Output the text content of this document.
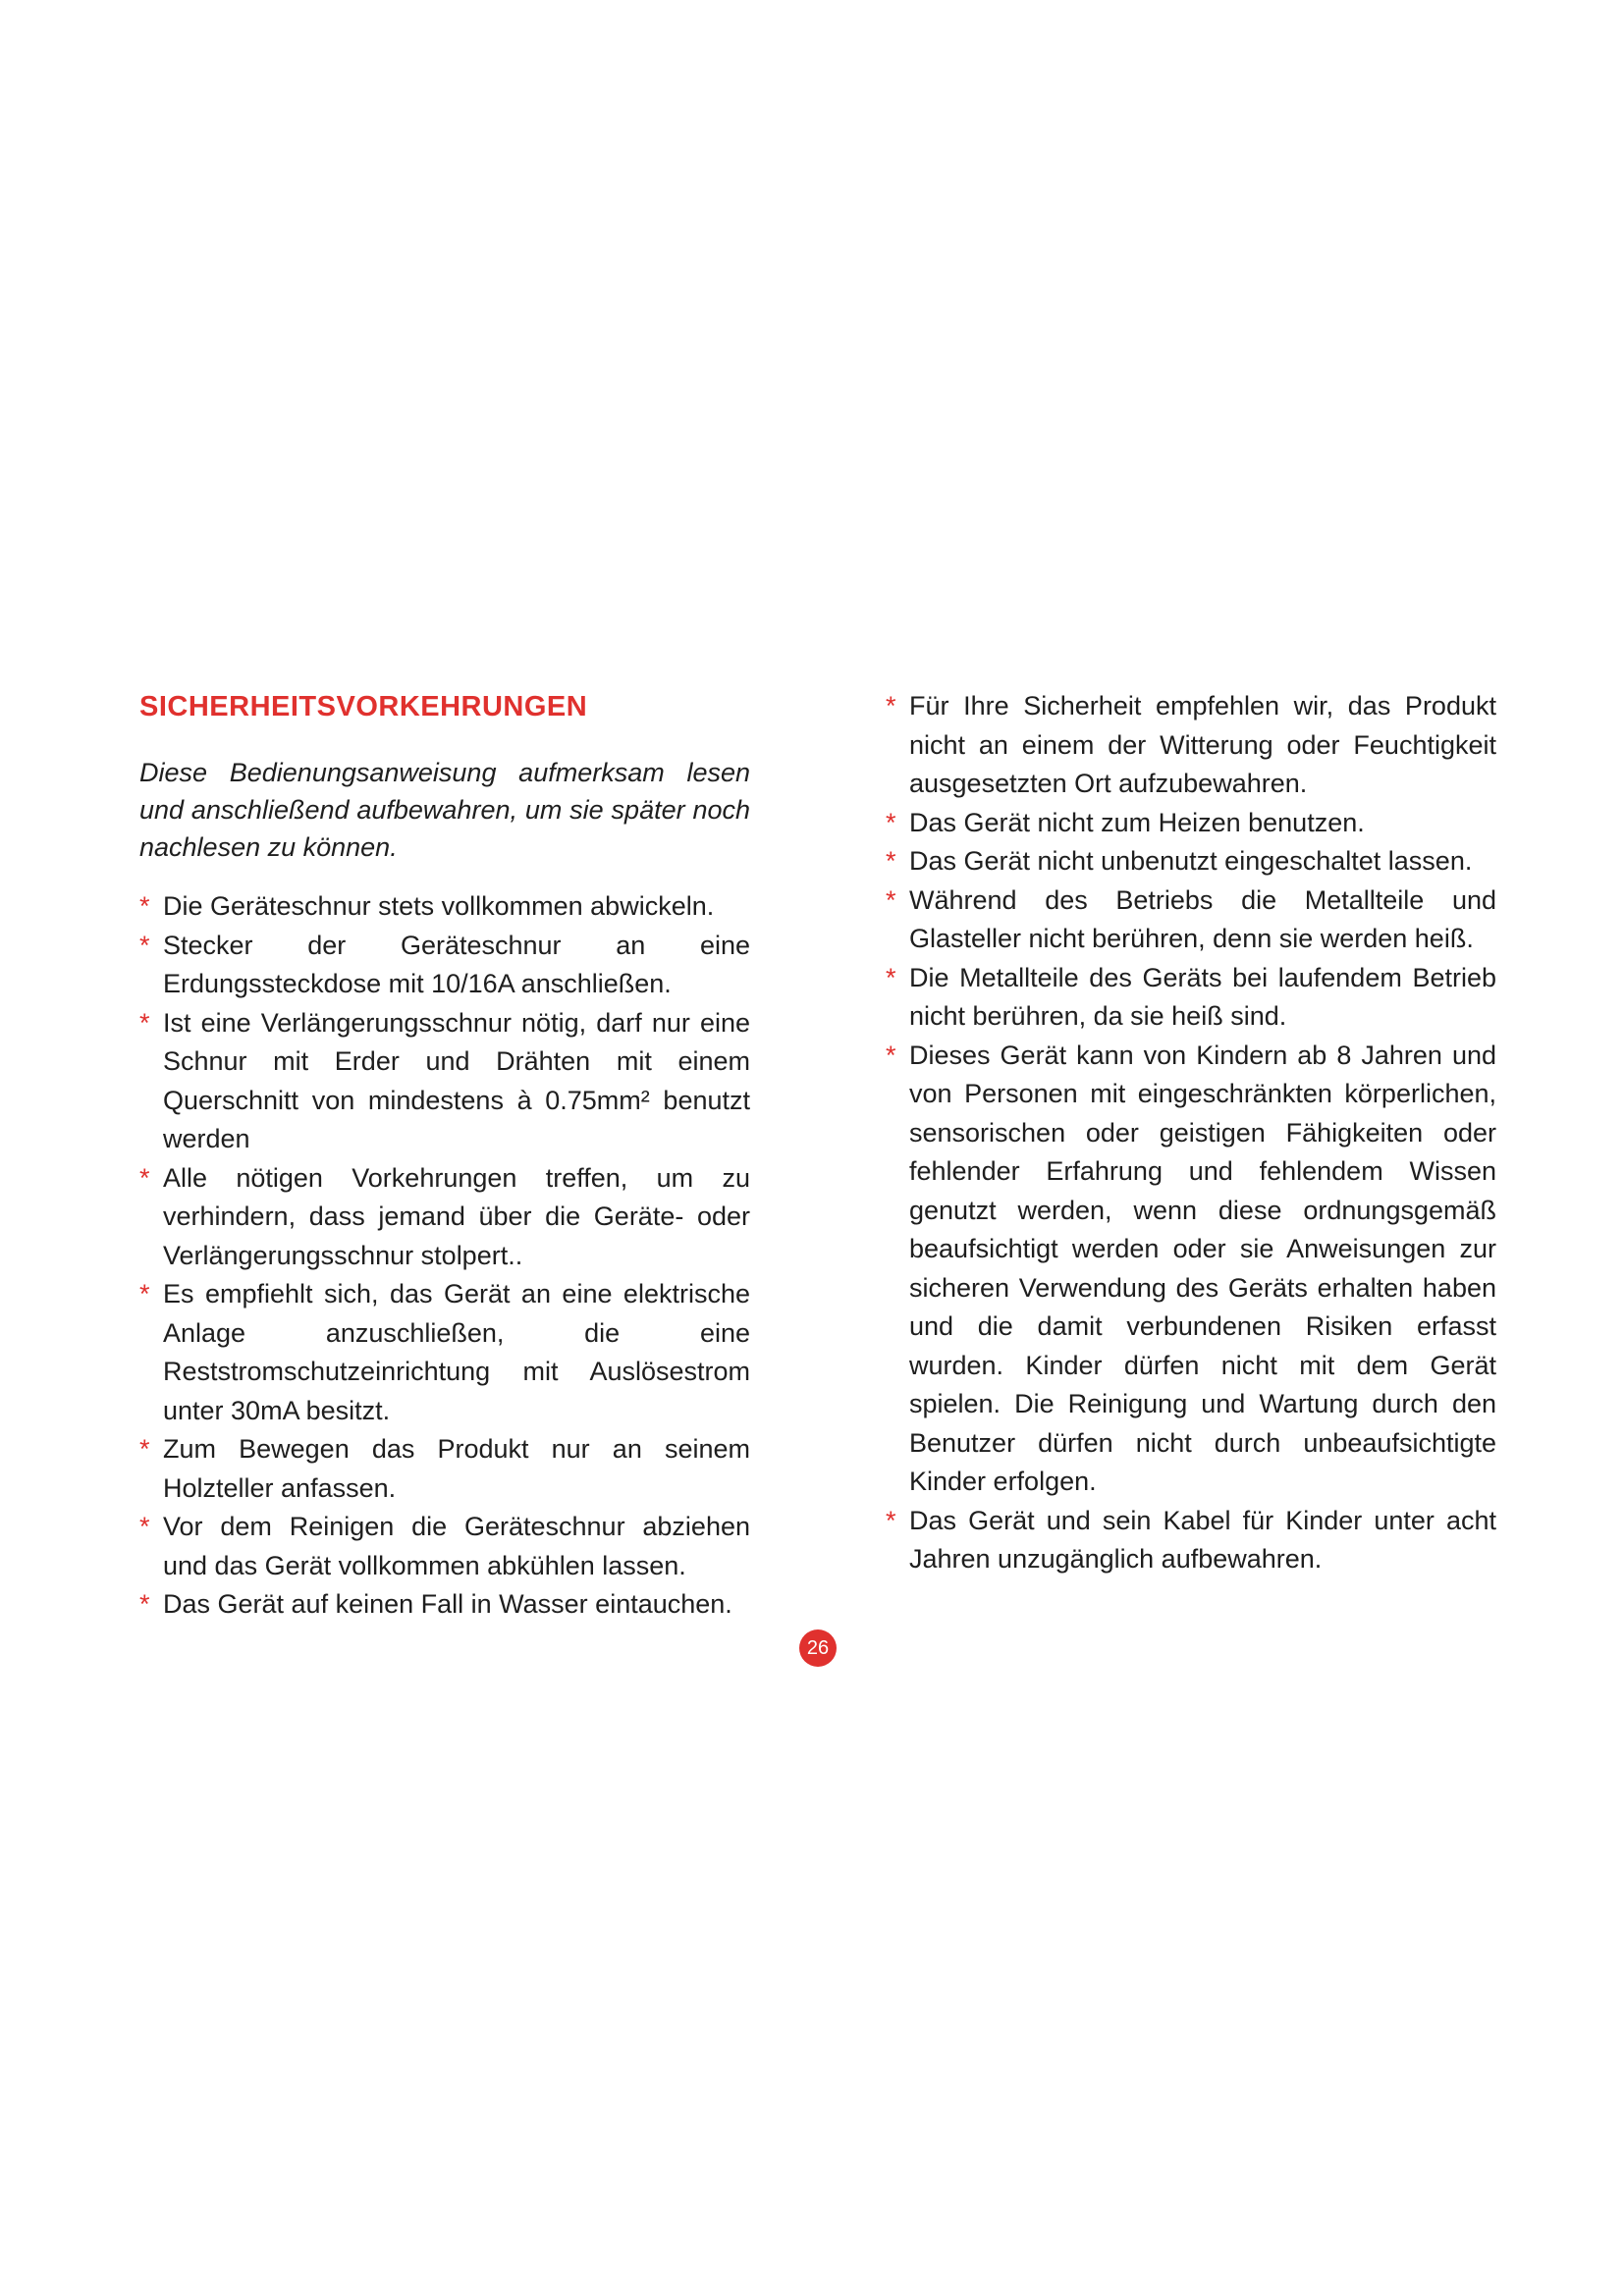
SICHERHEITSVORKEHRUNGEN

Diese Bedienungsanweisung aufmerksam lesen und anschließend aufbewahren, um sie später noch nachlesen zu können.

* Die Geräteschnur stets vollkommen abwickeln.
* Stecker der Geräteschnur an eine Erdungssteckdose mit 10/16A anschließen.
* Ist eine Verlängerungsschnur nötig, darf nur eine Schnur mit Erder und Drähten mit einem Querschnitt von mindestens à 0.75mm² benutzt werden
* Alle nötigen Vorkehrungen treffen, um zu verhindern, dass jemand über die Geräte- oder Verlängerungsschnur stolpert..
* Es empfiehlt sich, das Gerät an eine elektrische Anlage anzuschließen, die eine Reststromschutzeinrichtung mit Auslösestrom unter 30mA besitzt.
* Zum Bewegen das Produkt nur an seinem Holzteller anfassen.
* Vor dem Reinigen die Geräteschnur abziehen und das Gerät vollkommen abkühlen lassen.
* Das Gerät auf keinen Fall in Wasser eintauchen.
* Für Ihre Sicherheit empfehlen wir, das Produkt nicht an einem der Witterung oder Feuchtigkeit ausgesetzten Ort aufzubewahren.
* Das Gerät nicht zum Heizen benutzen.
* Das Gerät nicht unbenutzt eingeschaltet lassen.
* Während des Betriebs die Metallteile und Glasteller nicht berühren, denn sie werden heiß.
* Die Metallteile des Geräts bei laufendem Betrieb nicht berühren, da sie heiß sind.
* Dieses Gerät kann von Kindern ab 8 Jahren und von Personen mit eingeschränkten körperlichen, sensorischen oder geistigen Fähigkeiten oder fehlender Erfahrung und fehlendem Wissen genutzt werden, wenn diese ordnungsgemäß beaufsichtigt werden oder sie Anweisungen zur sicheren Verwendung des Geräts erhalten haben und die damit verbundenen Risiken erfasst wurden. Kinder dürfen nicht mit dem Gerät spielen. Die Reinigung und Wartung durch den Benutzer dürfen nicht durch unbeaufsichtigte Kinder erfolgen.
* Das Gerät und sein Kabel für Kinder unter acht Jahren unzugänglich aufbewahren.
26
